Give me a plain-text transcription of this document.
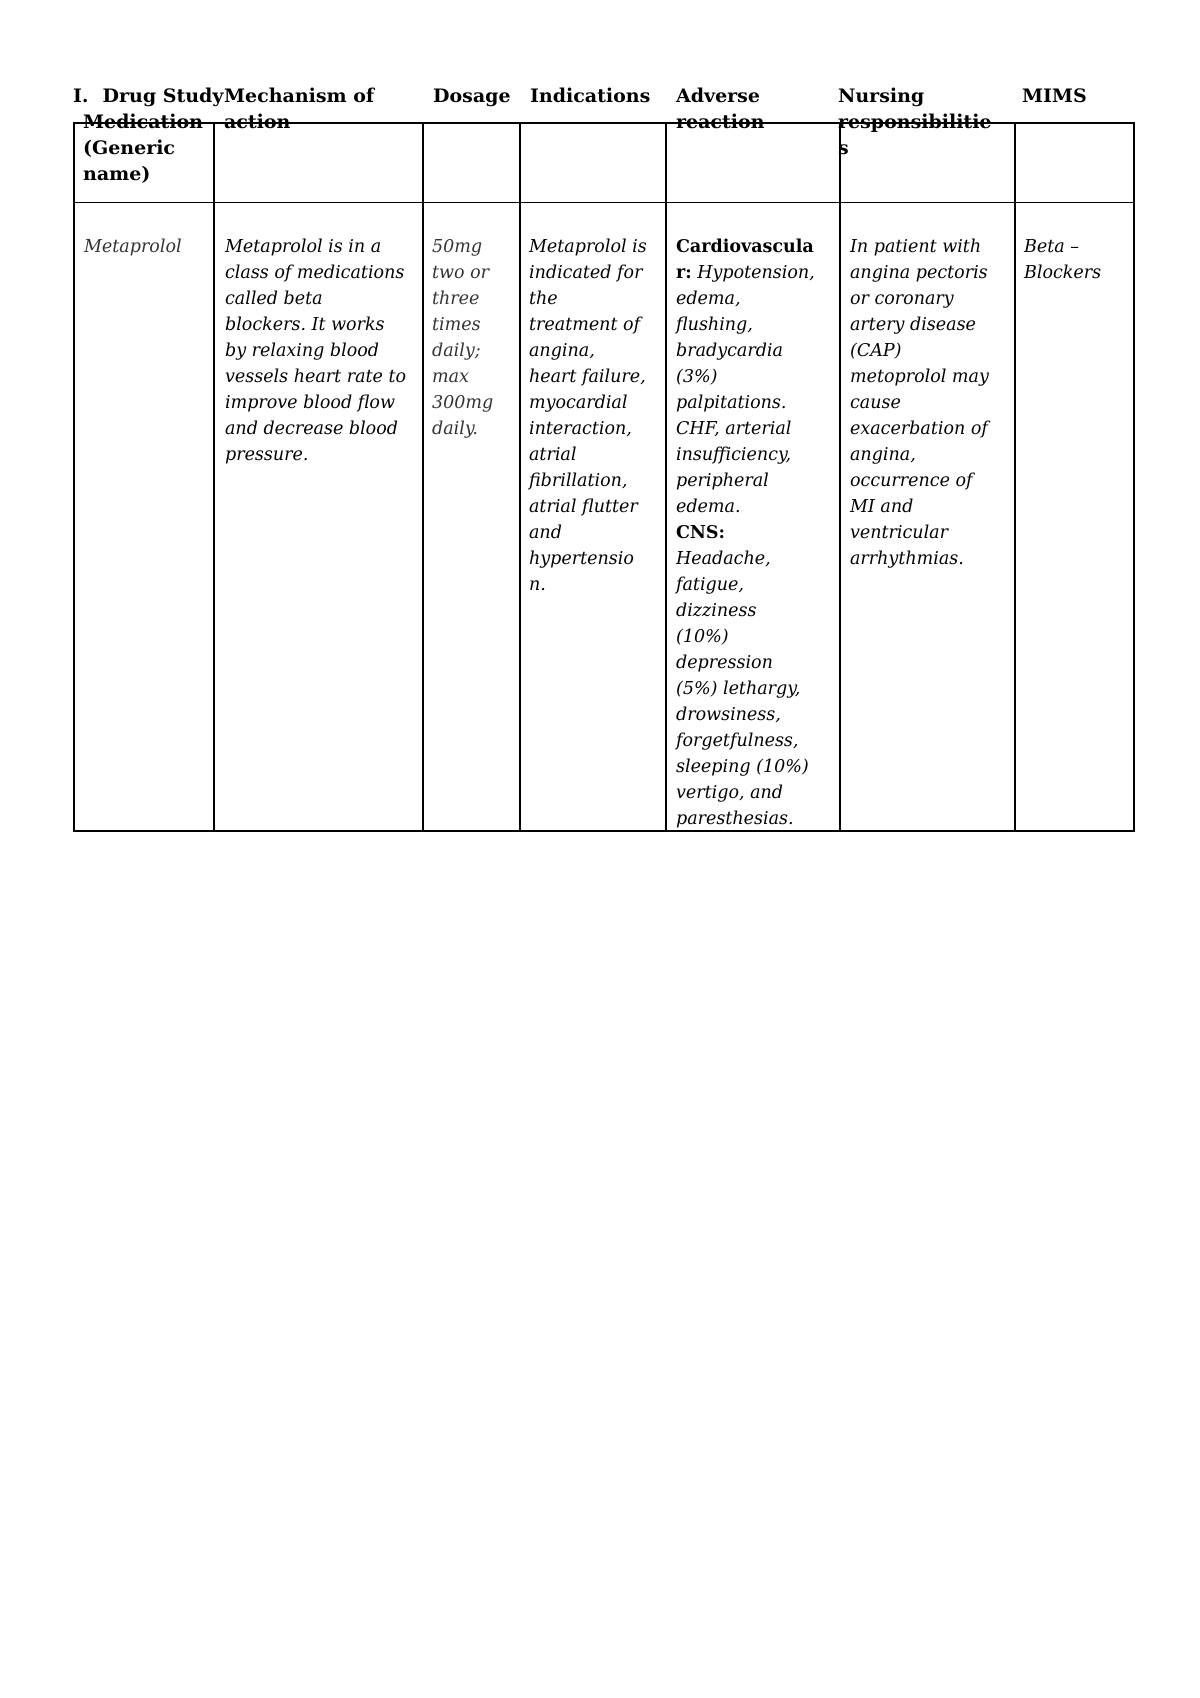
I. Drug Study
Medication
(Generic
name)
Mechanism of
action
Dosage Indications Adverse
reaction
Nursing
responsibilitie
s
MIMS
Metaprolol Metaprolol is in a
class of medications
called beta
blockers. It works
by relaxing blood
vessels heart rate to
improve blood flow
and decrease blood
pressure.
50mg
two or
three
times
daily;
max
300mg
daily.
Metaprolol is
indicated for
the
treatment of
angina,
heart failure,
myocardial
interaction,
atrial
fibrillation,
atrial flutter
and
hypertensio
n.
Cardiovascula
r: Hypotension,
edema,
flushing,
bradycardia
(3%)
palpitations.
CHF, arterial
insufficiency,
peripheral
edema.
CNS:
Headache,
fatigue,
dizziness
(10%)
depression
(5%) lethargy,
drowsiness,
forgetfulness,
sleeping (10%)
vertigo, and
paresthesias.
In patient with
angina pectoris
or coronary
artery disease
(CAP)
metoprolol may
cause
exacerbation of
angina,
occurrence of
MI and
ventricular
arrhythmias.
Beta –
Blockers
